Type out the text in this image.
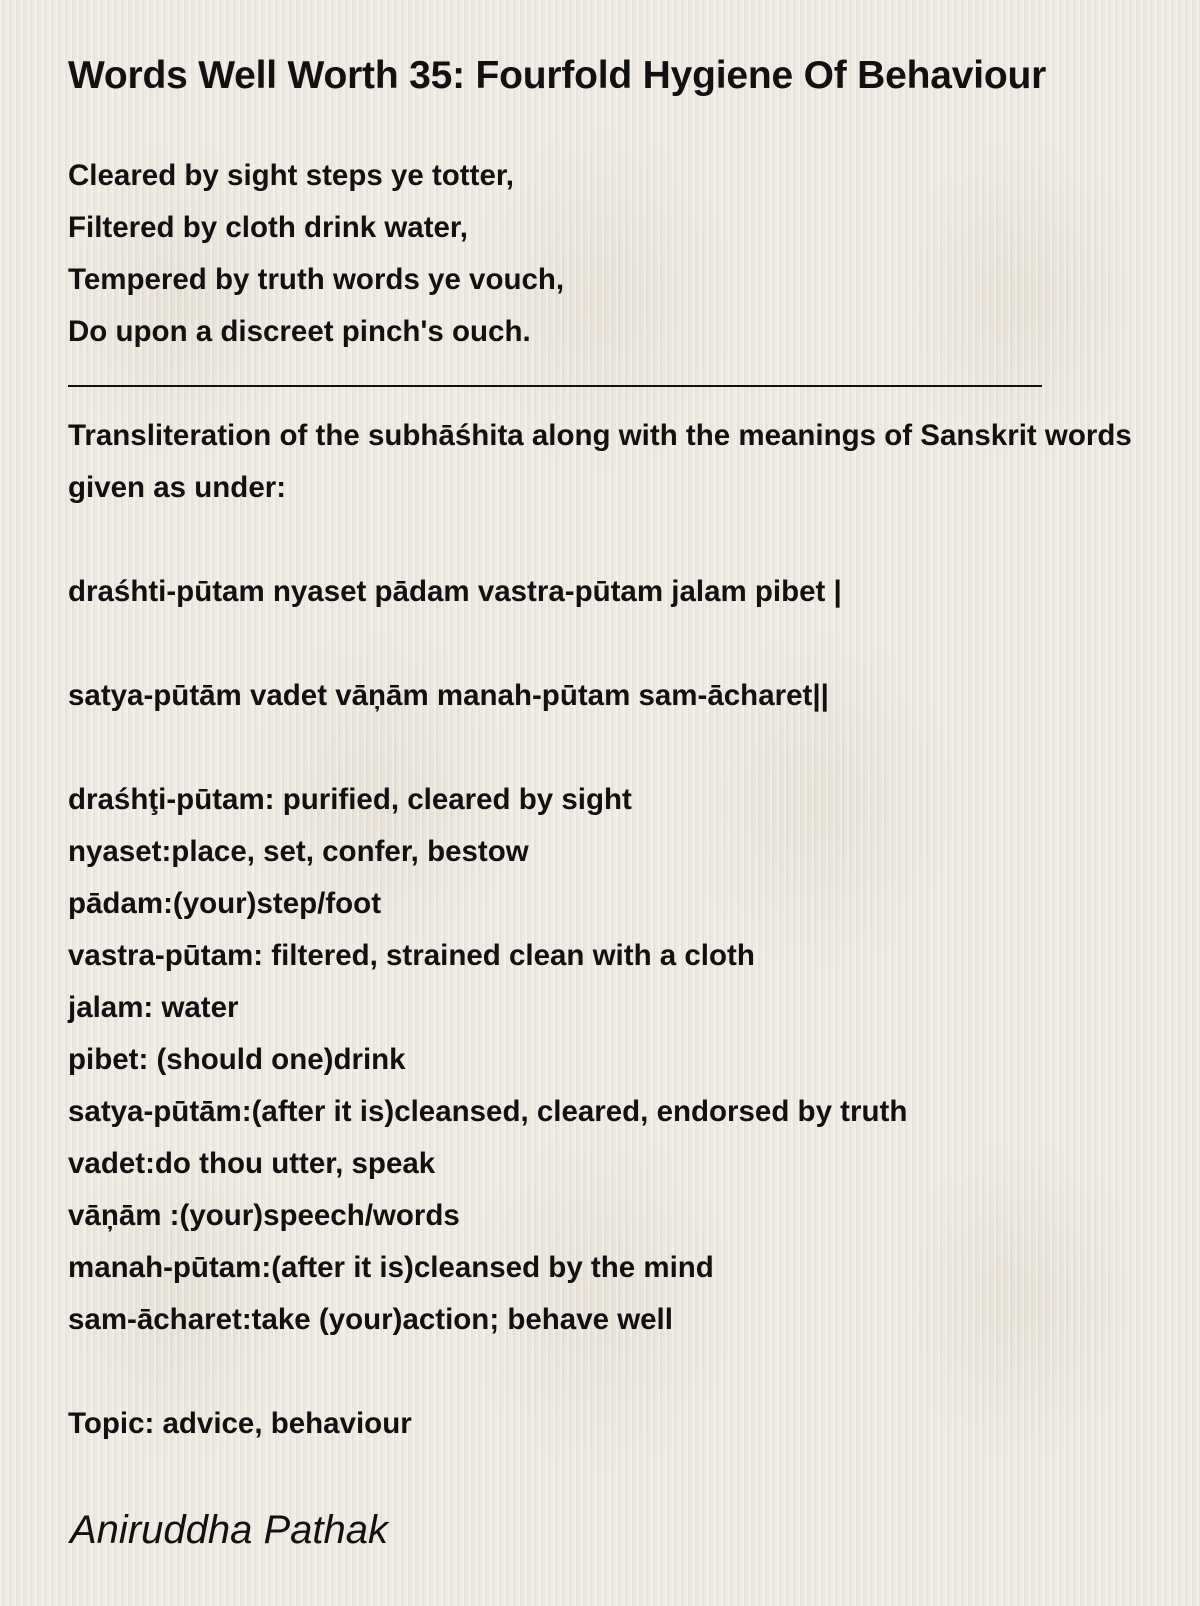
Words Well Worth 35: Fourfold Hygiene Of Behaviour
Cleared by sight steps ye totter,
Filtered by cloth drink water,
Tempered by truth words ye vouch,
Do upon a discreet pinch's ouch.
Transliteration of the subhāśhita along with the meanings of Sanskrit words given as under:
draśhti-pūtam nyaset pādam vastra-pūtam jalam pibet |
satya-pūtām vadet vāņām manah-pūtam sam-ācharet||
draśhţi-pūtam: purified, cleared by sight
nyaset:place, set, confer, bestow
pādam:(your)step/foot
vastra-pūtam: filtered, strained clean with a cloth
jalam: water
pibet: (should one)drink
satya-pūtām:(after it is)cleansed, cleared, endorsed by truth
vadet:do thou utter, speak
vāņām :(your)speech/words
manah-pūtam:(after it is)cleansed by the mind
sam-ācharet:take (your)action; behave well
Topic: advice, behaviour
Aniruddha Pathak
